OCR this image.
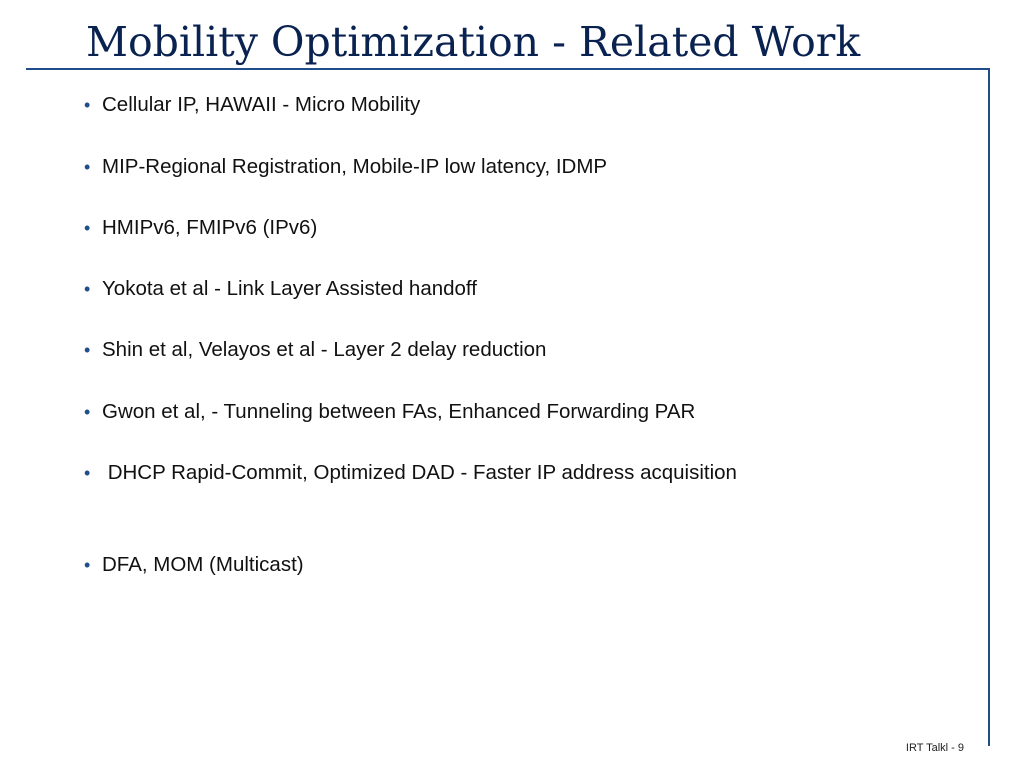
Mobility Optimization - Related Work
• Cellular IP, HAWAII - Micro Mobility
• MIP-Regional Registration, Mobile-IP low latency, IDMP
• HMIPv6, FMIPv6 (IPv6)
• Yokota et al - Link Layer Assisted handoff
• Shin et al, Velayos et al - Layer 2 delay reduction
• Gwon et al, - Tunneling between FAs, Enhanced Forwarding PAR
• DHCP Rapid-Commit, Optimized DAD - Faster IP address acquisition
• DFA, MOM (Multicast)
IRT Talkl - 9
